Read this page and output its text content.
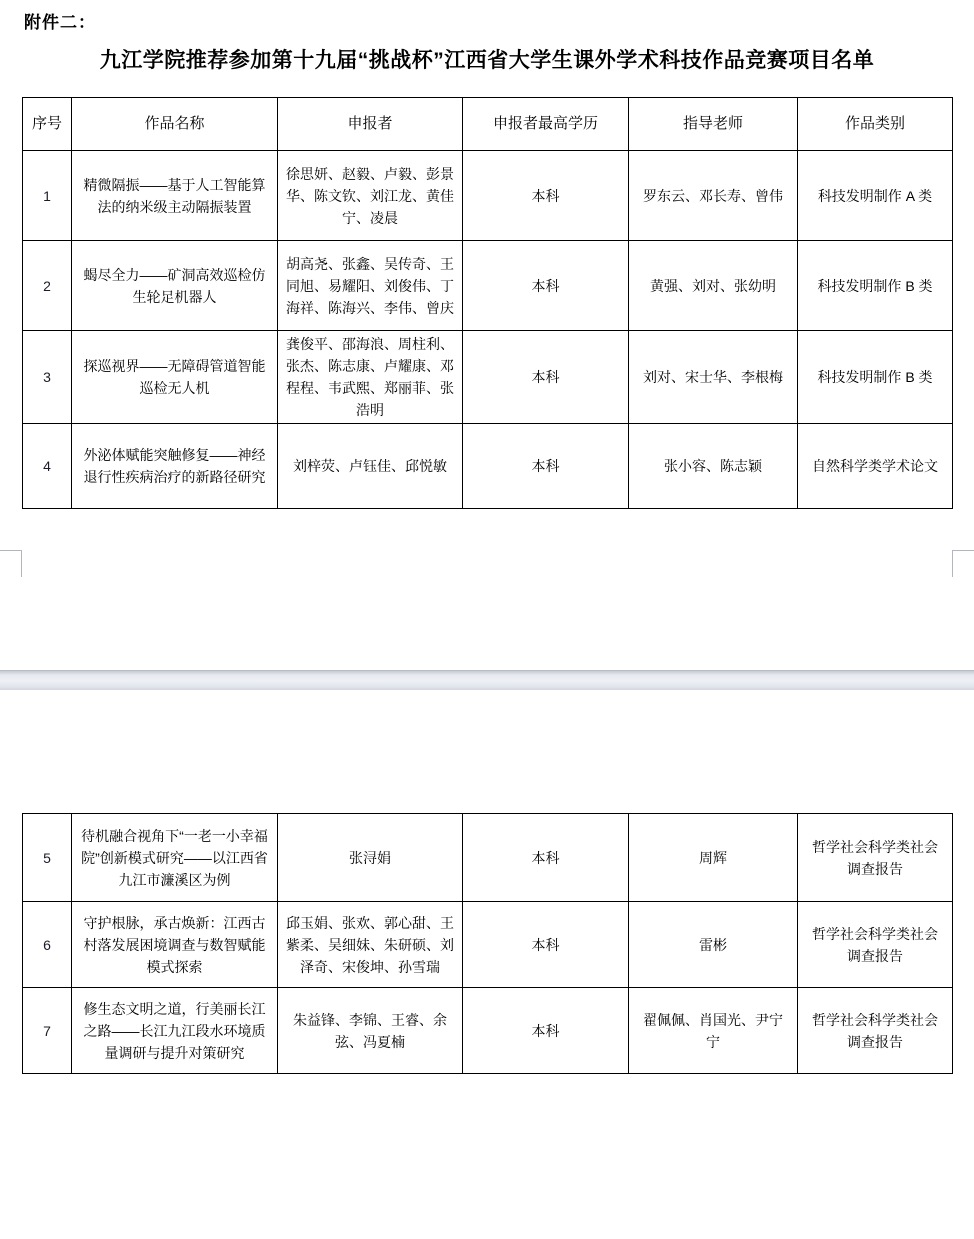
附件二：
九江学院推荐参加第十九届“挑战杯”江西省大学生课外学术科技作品竞赛项目名单
序号	作品名称	申报者	申报者最高学历	指导老师	作品类别
1	精微隔振——基于人工智能算法的纳米级主动隔振装置	徐思妍、赵毅、卢毅、彭景华、陈文钦、刘江龙、黄佳宁、凌晨	本科	罗东云、邓长寿、曾伟	科技发明制作 A 类
2	蝎尽全力——矿洞高效巡检仿生轮足机器人	胡高尧、张鑫、吴传奇、王同旭、易耀阳、刘俊伟、丁海祥、陈海兴、李伟、曾庆	本科	黄强、刘对、张幼明	科技发明制作 B 类
3	探巡视界——无障碍管道智能巡检无人机	龚俊平、邵海浪、周柱利、张杰、陈志康、卢耀康、邓程程、韦武熙、郑丽菲、张浩明	本科	刘对、宋士华、李根梅	科技发明制作 B 类
4	外泌体赋能突触修复——神经退行性疾病治疗的新路径研究	刘梓荧、卢钰佳、邱悦敏	本科	张小容、陈志颖	自然科学类学术论文
5	待机融合视角下“一老一小幸福院”创新模式研究——以江西省九江市濂溪区为例	张浔娟	本科	周辉	哲学社会科学类社会调查报告
6	守护根脉，承古焕新：江西古村落发展困境调查与数智赋能模式探索	邱玉娟、张欢、郭心甜、王紫柔、吴细妹、朱研硕、刘泽奇、宋俊坤、孙雪瑞	本科	雷彬	哲学社会科学类社会调查报告
7	修生态文明之道，行美丽长江之路——长江九江段水环境质量调研与提升对策研究	朱益锋、李锦、王睿、余弦、冯夏楠	本科	翟佩佩、肖国光、尹宁宁	哲学社会科学类社会调查报告
